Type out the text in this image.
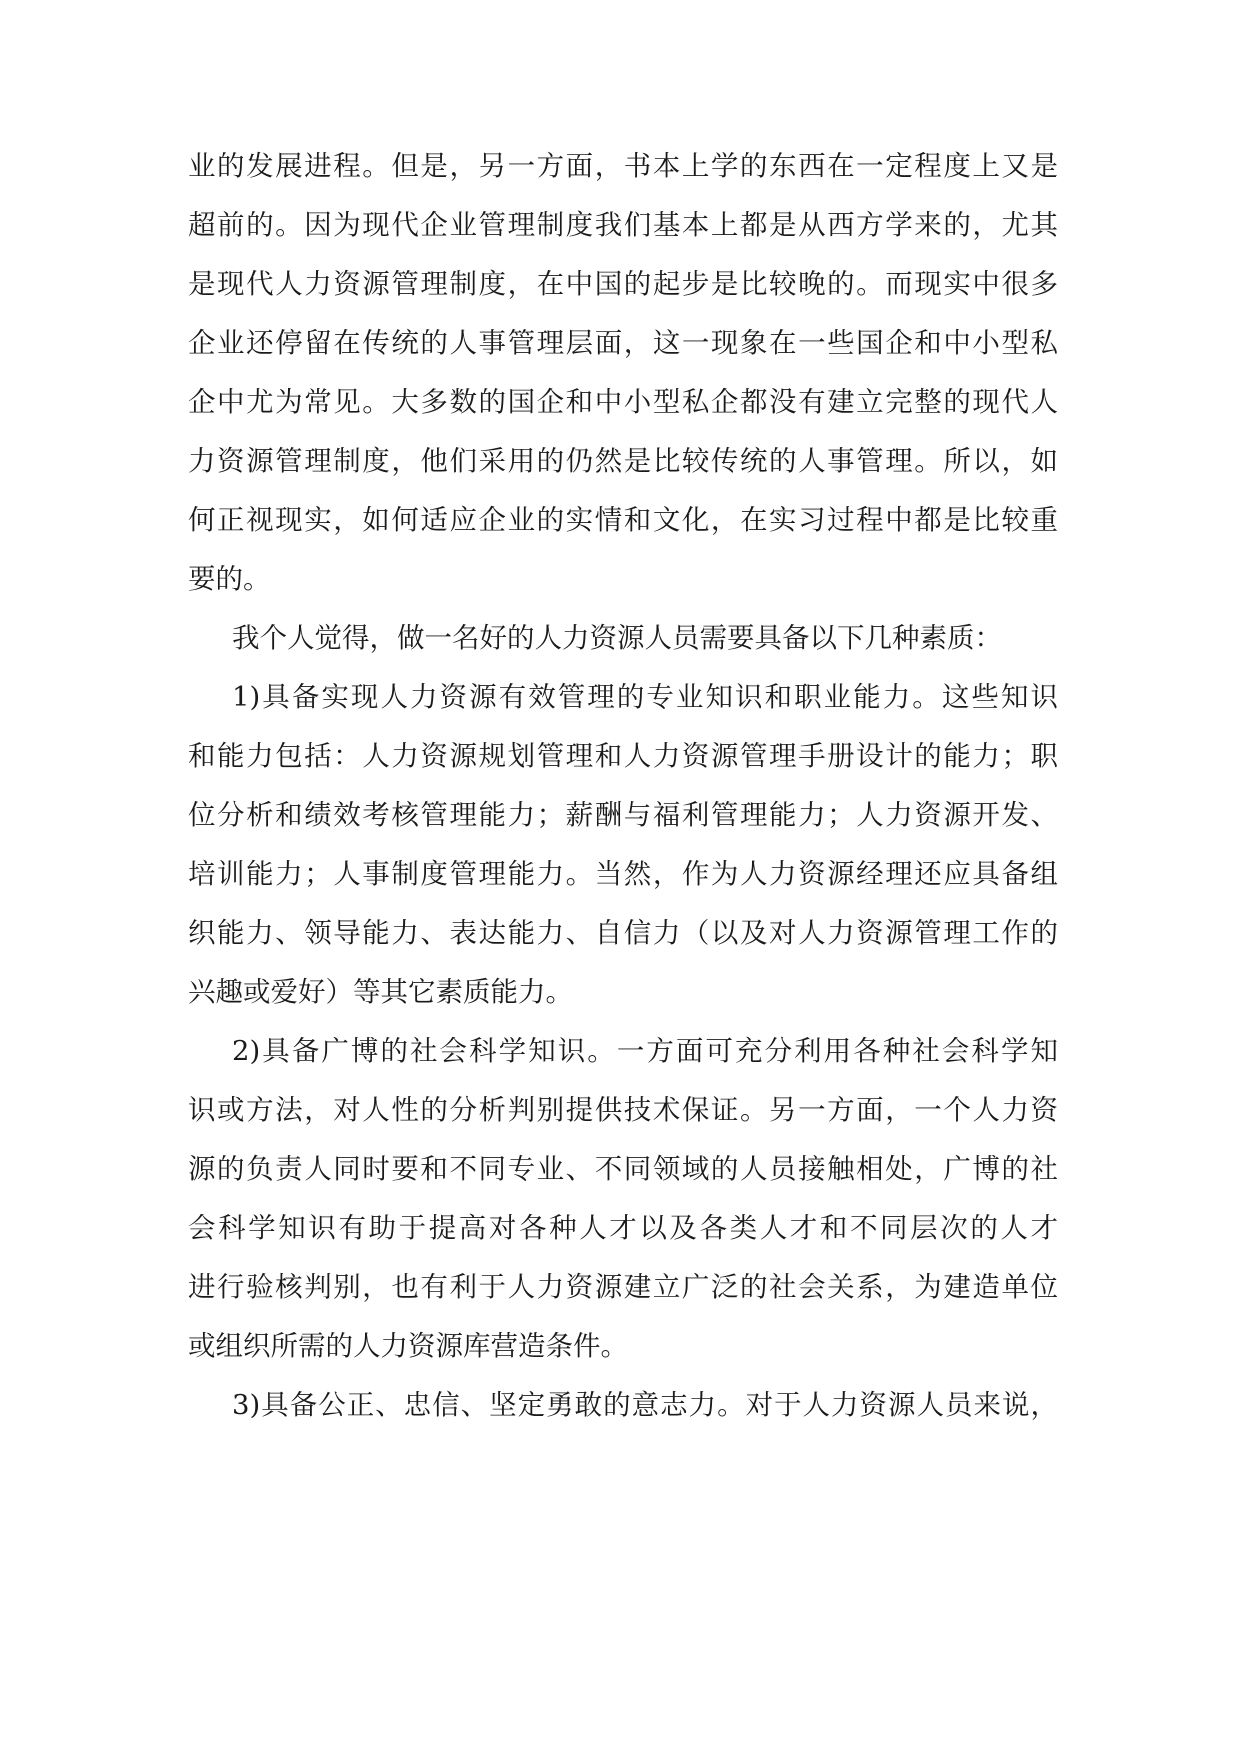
业的发展进程。但是，另一方面，书本上学的东西在一定程度上又是
超前的。因为现代企业管理制度我们基本上都是从西方学来的，尤其
是现代人力资源管理制度，在中国的起步是比较晚的。而现实中很多
企业还停留在传统的人事管理层面，这一现象在一些国企和中小型私
企中尤为常见。大多数的国企和中小型私企都没有建立完整的现代人
力资源管理制度，他们采用的仍然是比较传统的人事管理。所以，如
何正视现实，如何适应企业的实情和文化，在实习过程中都是比较重
要的。
我个人觉得，做一名好的人力资源人员需要具备以下几种素质：
1)具备实现人力资源有效管理的专业知识和职业能力。这些知识
和能力包括：人力资源规划管理和人力资源管理手册设计的能力；职
位分析和绩效考核管理能力；薪酬与福利管理能力；人力资源开发、
培训能力；人事制度管理能力。当然，作为人力资源经理还应具备组
织能力、领导能力、表达能力、自信力（以及对人力资源管理工作的
兴趣或爱好）等其它素质能力。
2)具备广博的社会科学知识。一方面可充分利用各种社会科学知
识或方法，对人性的分析判别提供技术保证。另一方面，一个人力资
源的负责人同时要和不同专业、不同领域的人员接触相处，广博的社
会科学知识有助于提高对各种人才以及各类人才和不同层次的人才
进行验核判别，也有利于人力资源建立广泛的社会关系，为建造单位
或组织所需的人力资源库营造条件。
3)具备公正、忠信、坚定勇敢的意志力。对于人力资源人员来说，
